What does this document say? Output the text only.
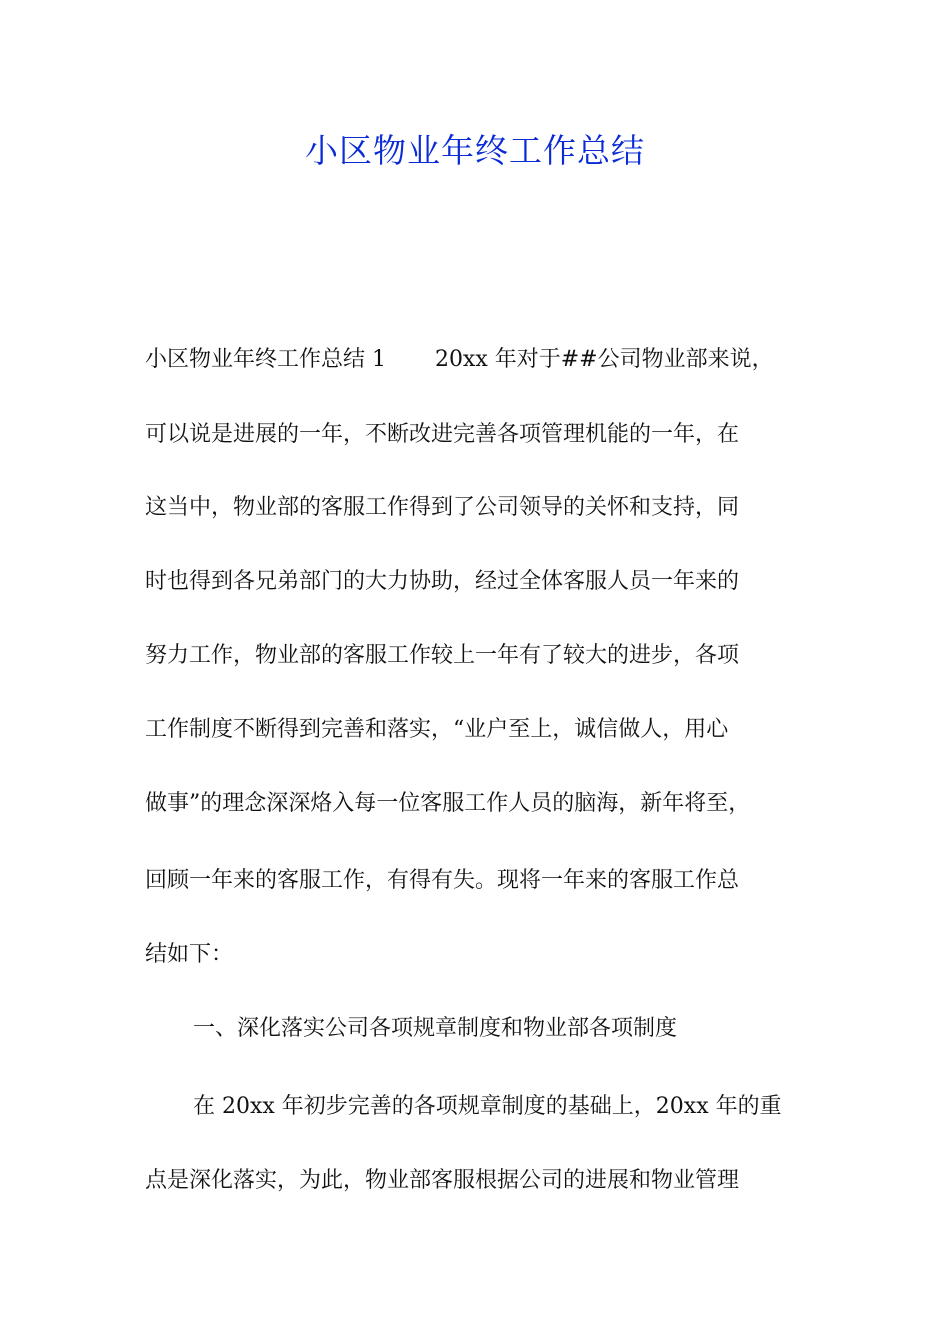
小区物业年终工作总结

小区物业年终工作总结 1       20xx 年对于##公司物业部来说，

可以说是进展的一年，不断改进完善各项管理机能的一年，在

这当中，物业部的客服工作得到了公司领导的关怀和支持，同

时也得到各兄弟部门的大力协助，经过全体客服人员一年来的

努力工作，物业部的客服工作较上一年有了较大的进步，各项

工作制度不断得到完善和落实，“业户至上，诚信做人，用心

做事”的理念深深烙入每一位客服工作人员的脑海，新年将至，

回顾一年来的客服工作，有得有失。现将一年来的客服工作总

结如下：

一、深化落实公司各项规章制度和物业部各项制度

在 20xx 年初步完善的各项规章制度的基础上，20xx 年的重

点是深化落实，为此，物业部客服根据公司的进展和物业管理
